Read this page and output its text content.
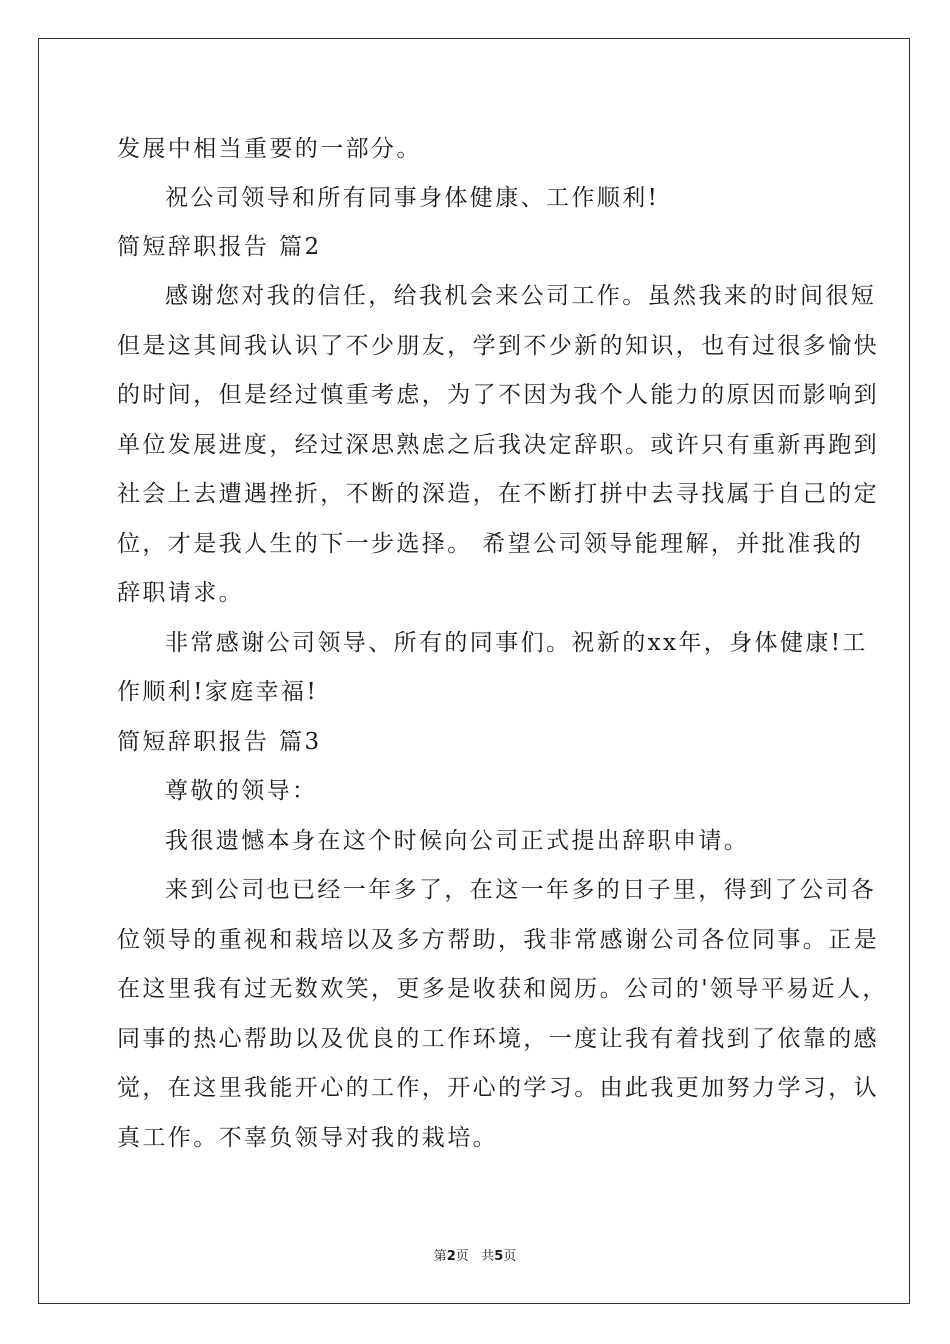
发展中相当重要的一部分。
祝公司领导和所有同事身体健康、工作顺利!
简短辞职报告 篇2
感谢您对我的信任，给我机会来公司工作。虽然我来的时间很短
但是这其间我认识了不少朋友，学到不少新的知识，也有过很多愉快
的时间，但是经过慎重考虑，为了不因为我个人能力的原因而影响到
单位发展进度，经过深思熟虑之后我决定辞职。或许只有重新再跑到
社会上去遭遇挫折，不断的深造，在不断打拼中去寻找属于自己的定
位，才是我人生的下一步选择。 希望公司领导能理解，并批准我的
辞职请求。
非常感谢公司领导、所有的同事们。祝新的xx年，身体健康!工
作顺利!家庭幸福!
简短辞职报告 篇3
尊敬的领导：
我很遗憾本身在这个时候向公司正式提出辞职申请。
来到公司也已经一年多了，在这一年多的日子里，得到了公司各
位领导的重视和栽培以及多方帮助，我非常感谢公司各位同事。正是
在这里我有过无数欢笑，更多是收获和阅历。公司的'领导平易近人，
同事的热心帮助以及优良的工作环境，一度让我有着找到了依靠的感
觉，在这里我能开心的工作，开心的学习。由此我更加努力学习，认
真工作。不辜负领导对我的栽培。
第2页   共5页
